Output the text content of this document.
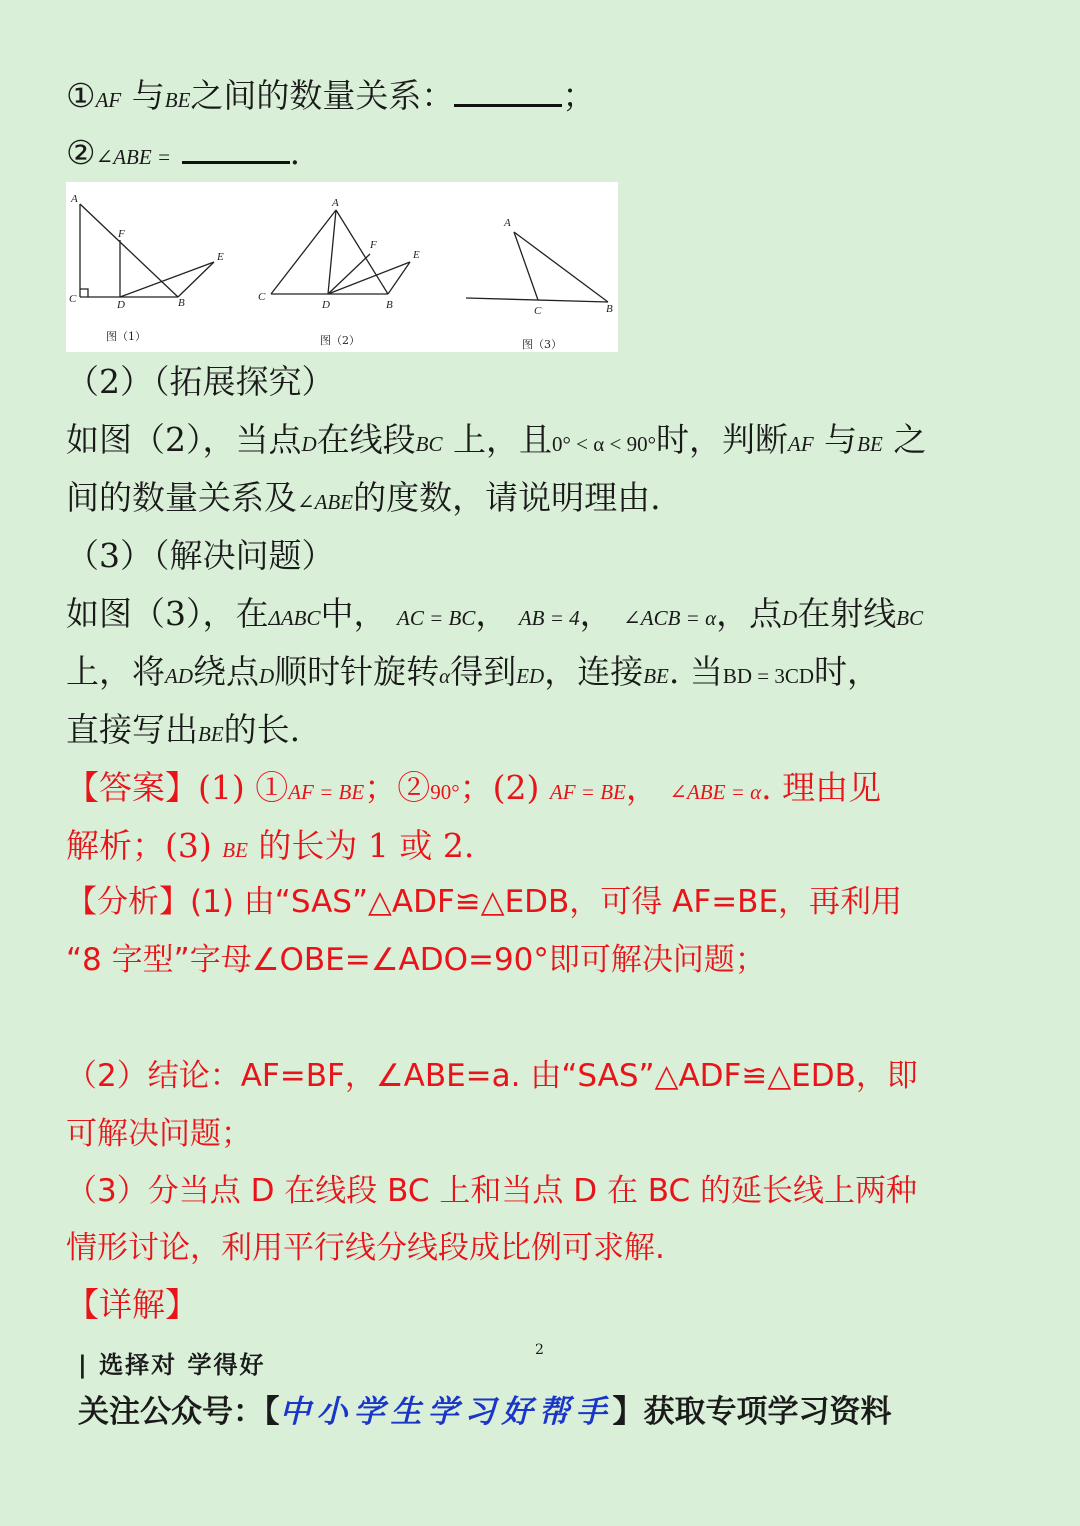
①AF 与BE之间的数量关系：	；
②∠ABE =	.
A
F
E
C	D	B
A
F
E
C
D	B
A
C	B
图（1）	图（2）	图（3）
（2）（拓展探究）
如图（2），当点D在线段BC 上，且0° < α < 90°时，判断AF 与BE 之
间的数量关系及∠ABE的度数，请说明理由.
（3）（解决问题）
如图（3），在ΔABC中， AC = BC， AB = 4， ∠ACB = α，点D在射线BC
上，将AD绕点D顺时针旋转α得到ED，连接BE. 当BD = 3CD时，
直接写出BE的长.
【答案】(1) ①AF = BE；②90°；(2) AF = BE， ∠ABE = α. 理由见
解析；(3) BE 的长为 1 或 2.
【分析】(1) 由“SAS”△ADF≌△EDB，可得 AF=BE，再利用
“8 字型”字母∠OBE=∠ADO=90°即可解决问题；
（2）结论：AF=BF，∠ABE=a. 由“SAS”△ADF≌△EDB，即
可解决问题；
（3）分当点 D 在线段 BC 上和当点 D 在 BC 的延长线上两种
情形讨论，利用平行线分线段成比例可求解.
【详解】
| 选择对 学得好
2
关注公众号：【中小学生学习好帮手】获取专项学习资料
